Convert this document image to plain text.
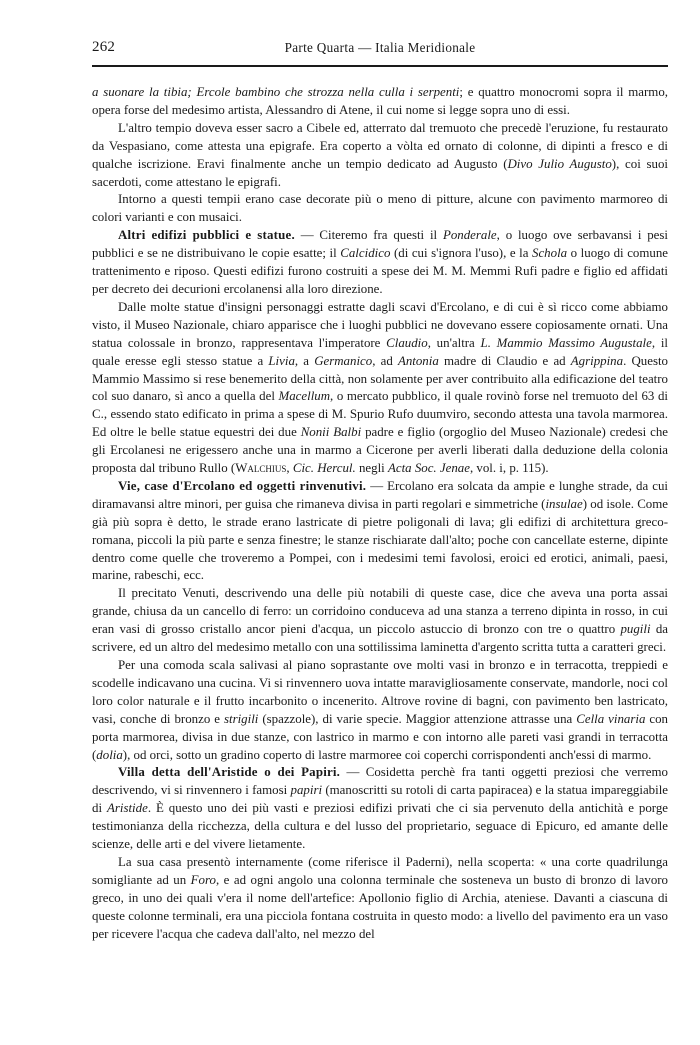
262	Parte Quarta — Italia Meridionale

a suonare la tibia; Ercole bambino che strozza nella culla i serpenti; e quattro monocromi sopra il marmo, opera forse del medesimo artista, Alessandro di Atene, il cui nome si legge sopra uno di essi.

L'altro tempio doveva esser sacro a Cibele ed, atterrato dal tremuoto che precedè l'eruzione, fu restaurato da Vespasiano, come attesta una epigrafe. Era coperto a vòlta ed ornato di colonne, di dipinti a fresco e di qualche iscrizione. Eravi finalmente anche un tempio dedicato ad Augusto (Divo Julio Augusto), coi suoi sacerdoti, come attestano le epigrafi.

Intorno a questi tempii erano case decorate più o meno di pitture, alcune con pavimento marmoreo di colori varianti e con musaici.

Altri edifizi pubblici e statue. — Citeremo fra questi il Ponderale, o luogo ove serbavansi i pesi pubblici e se ne distribuivano le copie esatte; il Calcidico (di cui s'ignora l'uso), e la Schola o luogo di comune trattenimento e riposo. Questi edifizi furono costruiti a spese dei M. M. Memmi Rufi padre e figlio ed affidati per decreto dei decurioni ercolanensi alla loro direzione.

Dalle molte statue d'insigni personaggi estratte dagli scavi d'Ercolano, e di cui è sì ricco come abbiamo visto, il Museo Nazionale, chiaro apparisce che i luoghi pubblici ne dovevano essere copiosamente ornati. Una statua colossale in bronzo, rappresentava l'imperatore Claudio, un'altra L. Mammio Massimo Augustale, il quale eresse egli stesso statue a Livia, a Germanico, ad Antonia madre di Claudio e ad Agrippina. Questo Mammio Massimo si rese benemerito della città, non solamente per aver contribuito alla edificazione del teatro col suo danaro, sì anco a quella del Macellum, o mercato pubblico, il quale rovinò forse nel tremuoto del 63 di C., essendo stato edificato in prima a spese di M. Spurio Rufo duumviro, secondo attesta una tavola marmorea. Ed oltre le belle statue equestri dei due Nonii Balbi padre e figlio (orgoglio del Museo Nazionale) credesi che gli Ercolanesi ne erigessero anche una in marmo a Cicerone per averli liberati dalla deduzione della colonia proposta dal tribuno Rullo (Walchius, Cic. Hercul. negli Acta Soc. Jenae, vol. i, p. 115).

Vie, case d'Ercolano ed oggetti rinvenutivi. — Ercolano era solcata da ampie e lunghe strade, da cui diramavansi altre minori, per guisa che rimaneva divisa in parti regolari e simmetriche (insulae) od isole. Come già più sopra è detto, le strade erano lastricate di pietre poligonali di lava; gli edifizi di architettura greco-romana, piccoli la più parte e senza finestre; le stanze rischiarate dall'alto; poche con cancellate esterne, dipinte dentro come quelle che troveremo a Pompei, con i medesimi temi favolosi, eroici ed erotici, animali, paesi, marine, rabeschi, ecc.

Il precitato Venuti, descrivendo una delle più notabili di queste case, dice che aveva una porta assai grande, chiusa da un cancello di ferro: un corridoino conduceva ad una stanza a terreno dipinta in rosso, in cui eran vasi di grosso cristallo ancor pieni d'acqua, un piccolo astuccio di bronzo con tre o quattro pugili da scrivere, ed un altro del medesimo metallo con una sottilissima laminetta d'argento scritta tutta a caratteri greci.

Per una comoda scala salivasi al piano soprastante ove molti vasi in bronzo e in terracotta, treppiedi e scodelle indicavano una cucina. Vi si rinvennero uova intatte maravigliosamente conservate, mandorle, noci col loro color naturale e il frutto incarbonito o incenerito. Altrove rovine di bagni, con pavimento ben lastricato, vasi, conche di bronzo e strigili (spazzole), di varie specie. Maggior attenzione attrasse una Cella vinaria con porta marmorea, divisa in due stanze, con lastrico in marmo e con intorno alle pareti vasi grandi in terracotta (dolia), od orci, sotto un gradino coperto di lastre marmoree coi coperchi corrispondenti anch'essi di marmo.

Villa detta dell'Aristide o dei Papiri. — Cosidetta perchè fra tanti oggetti preziosi che verremo descrivendo, vi si rinvennero i famosi papiri (manoscritti su rotoli di carta papiracea) e la statua impareggiabile di Aristide. È questo uno dei più vasti e preziosi edifizi privati che ci sia pervenuto della antichità e porge testimonianza della ricchezza, della cultura e del lusso del proprietario, seguace di Epicuro, ed amante delle scienze, delle arti e del vivere lietamente.

La sua casa presentò internamente (come riferisce il Paderni), nella scoperta: « una corte quadrilunga somigliante ad un Foro, e ad ogni angolo una colonna terminale che sosteneva un busto di bronzo di lavoro greco, in uno dei quali v'era il nome dell'artefice: Apollonio figlio di Archia, ateniese. Davanti a ciascuna di queste colonne terminali, era una picciola fontana costruita in questo modo: a livello del pavimento era un vaso per ricevere l'acqua che cadeva dall'alto, nel mezzo del
